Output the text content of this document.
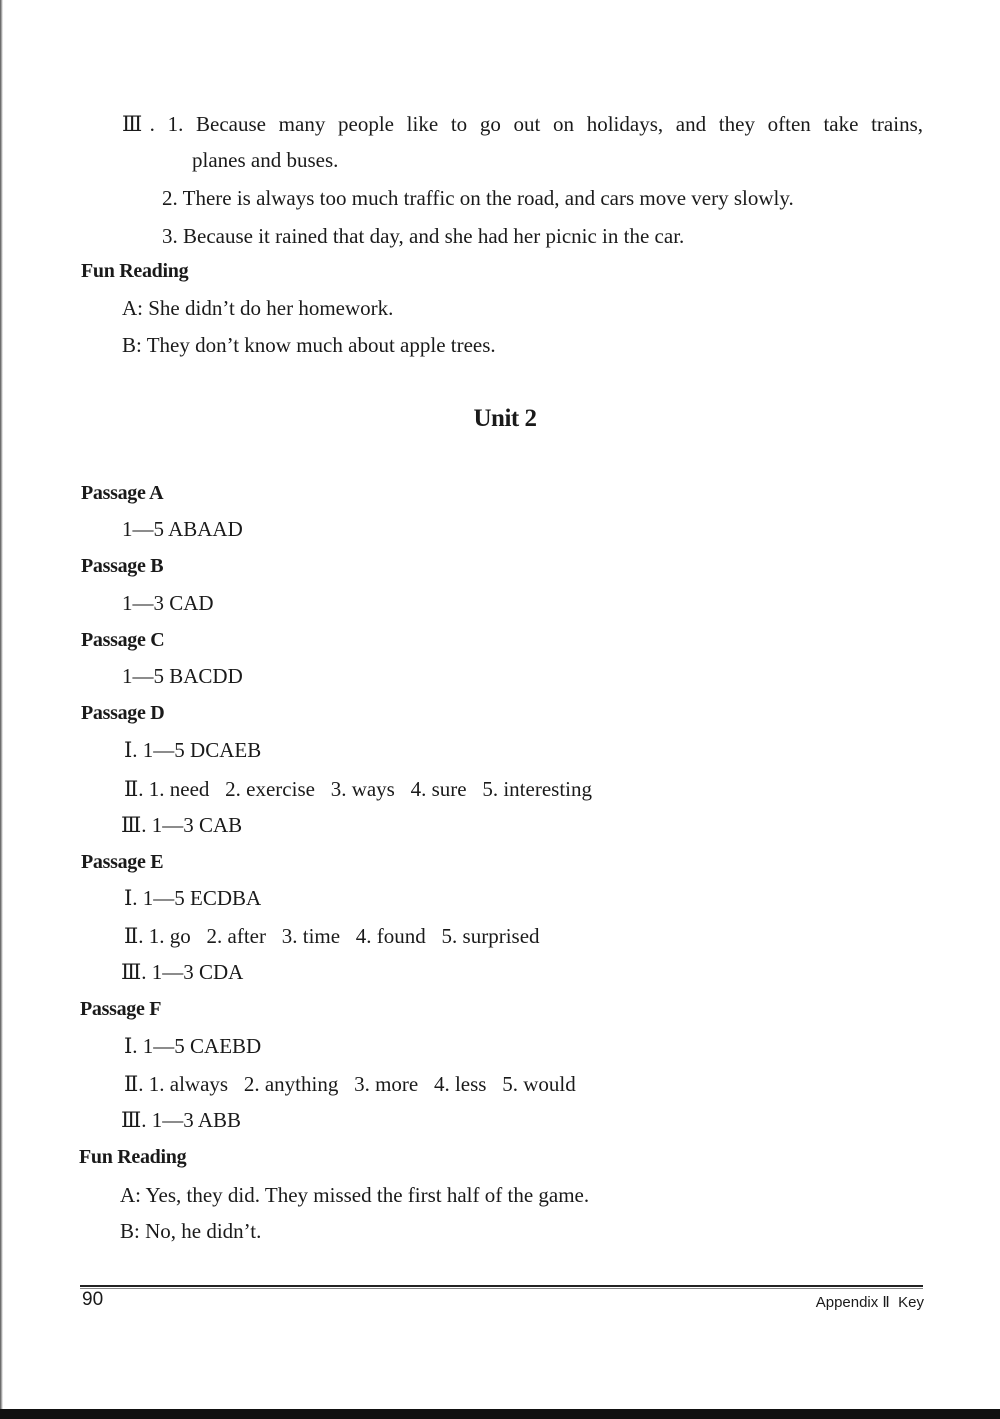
Ⅲ. 1. Because many people like to go out on holidays, and they often take trains,
planes and buses.
2. There is always too much traffic on the road, and cars move very slowly.
3. Because it rained that day, and she had her picnic in the car.
Fun Reading
A: She didn’t do her homework.
B: They don’t know much about apple trees.
Unit 2
Passage A
1—5 ABAAD
Passage B
1—3 CAD
Passage C
1—5 BACDD
Passage D
Ⅰ. 1—5 DCAEB
Ⅱ. 1. need   2. exercise   3. ways   4. sure   5. interesting
Ⅲ. 1—3 CAB
Passage E
Ⅰ. 1—5 ECDBA
Ⅱ. 1. go   2. after   3. time   4. found   5. surprised
Ⅲ. 1—3 CDA
Passage F
Ⅰ. 1—5 CAEBD
Ⅱ. 1. always   2. anything   3. more   4. less   5. would
Ⅲ. 1—3 ABB
Fun Reading
A: Yes, they did. They missed the first half of the game.
B: No, he didn’t.
90	Appendix Ⅱ  Key
